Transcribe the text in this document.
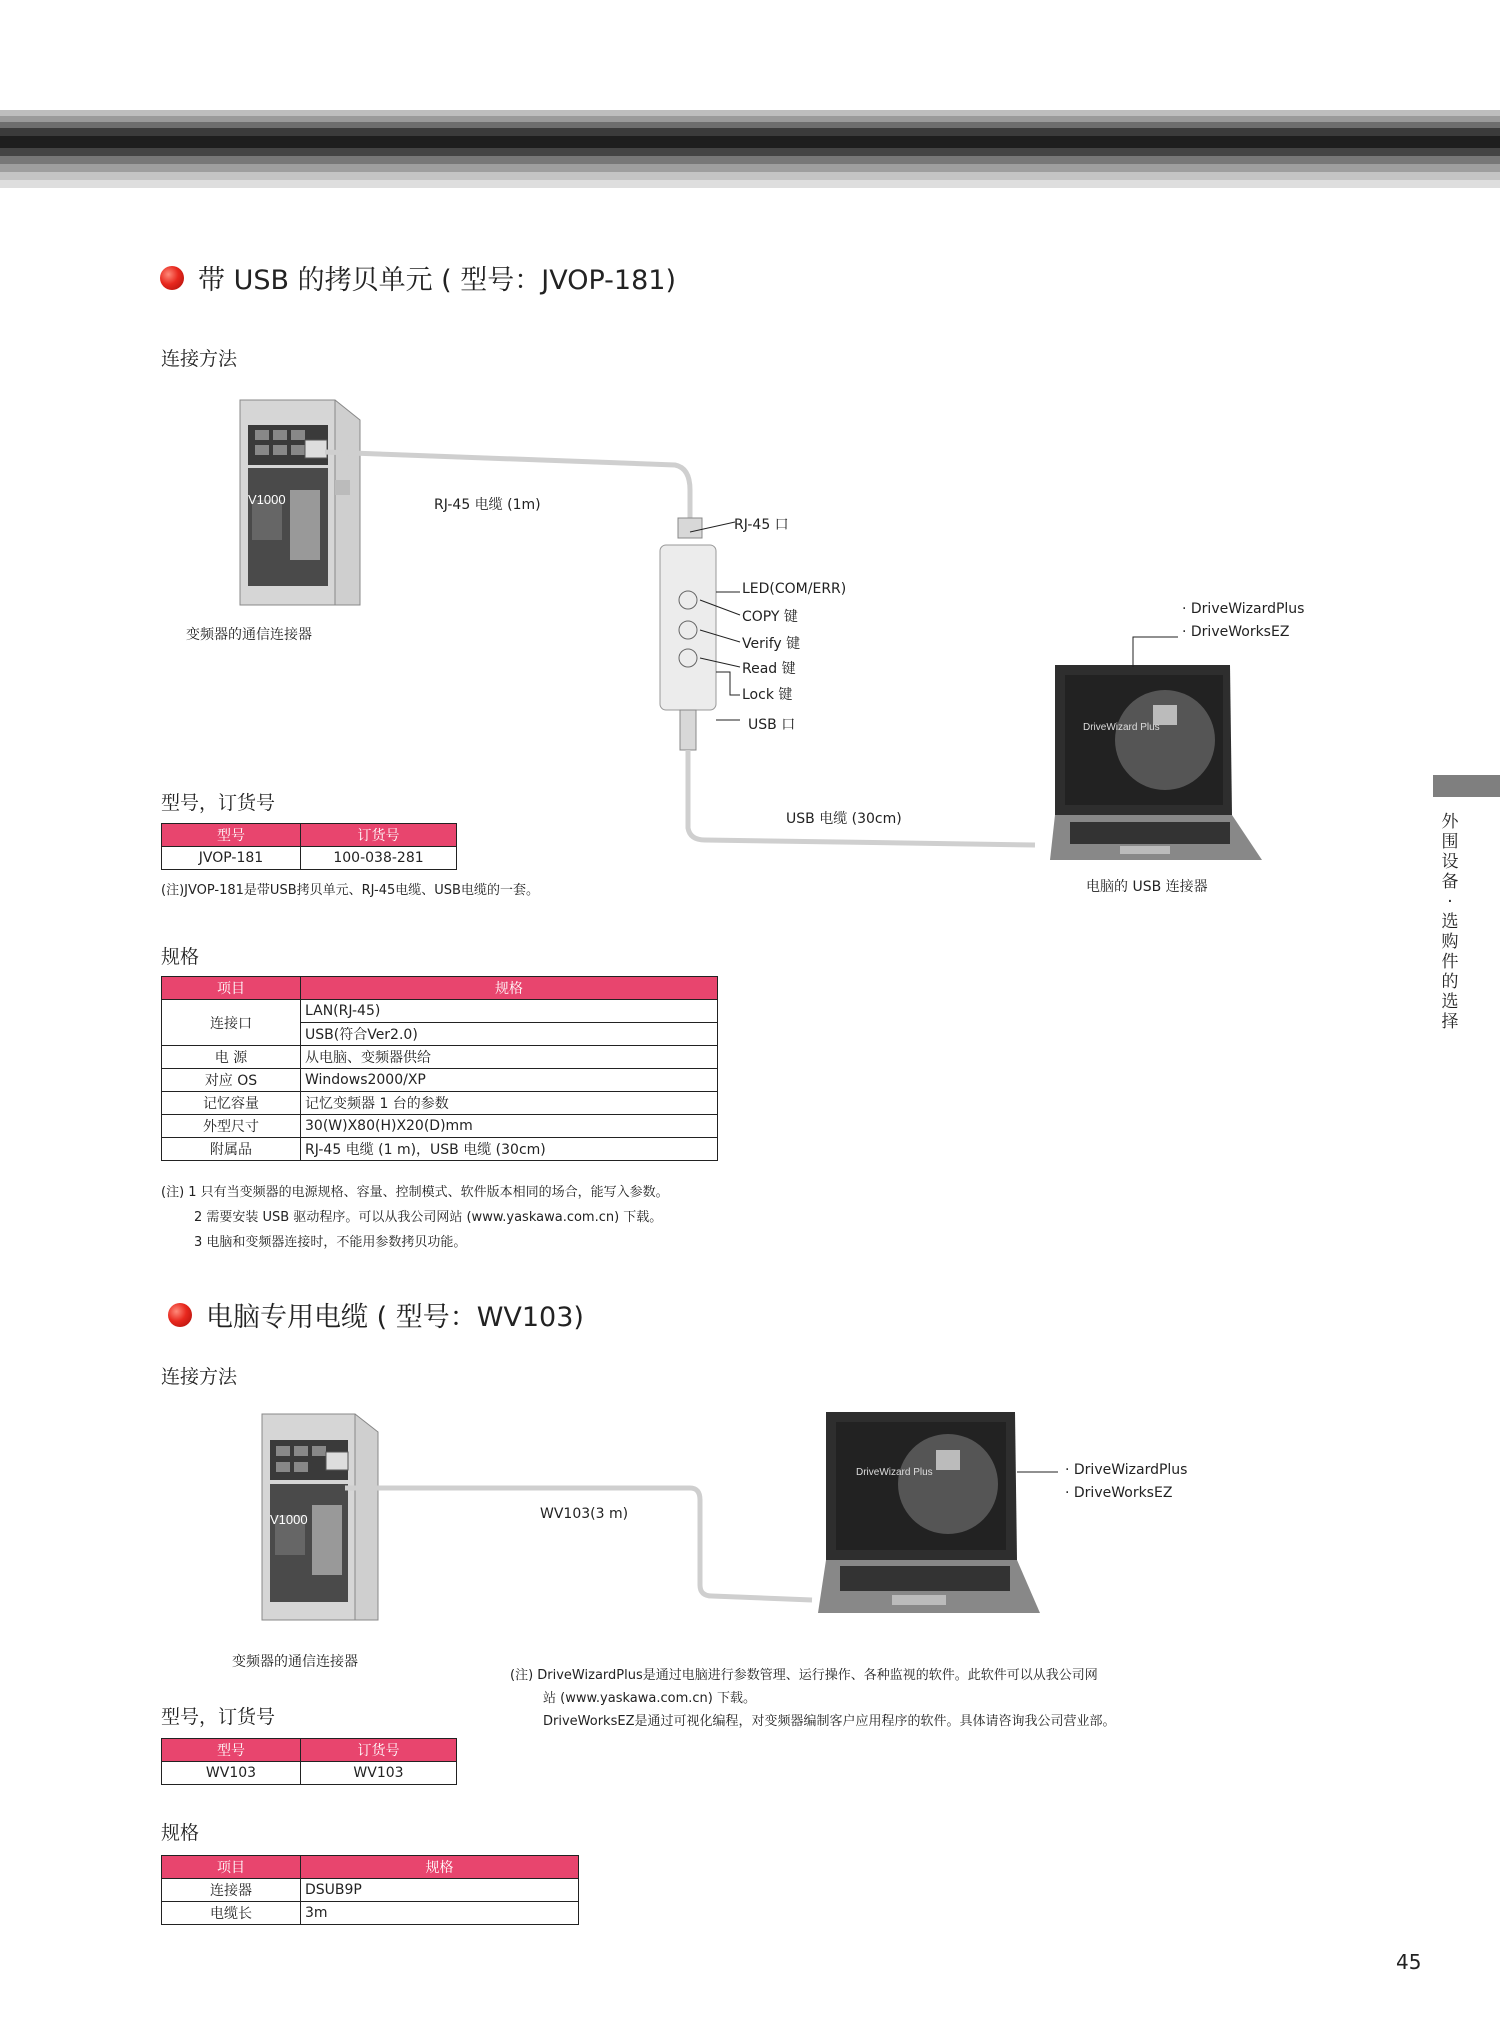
带 USB 的拷贝单元 ( 型号：JVOP-181)
连接方法
V1000
DriveWizard Plus
RJ-45 电缆 (1m)
RJ-45 口
LED(COM/ERR)
COPY 键
Verify 键
Read 键
Lock 键
USB 口
USB 电缆 (30cm)
· DriveWizardPlus
· DriveWorksEZ
变频器的通信连接器
电脑的 USB 连接器
型号，订货号
型号	订货号
JVOP-181	100-038-281
(注)JVOP-181是带USB拷贝单元、RJ-45电缆、USB电缆的一套。
规格
项目	规格
连接口	LAN(RJ-45)
	USB(符合Ver2.0)
电 源	从电脑、变频器供给
对应 OS	Windows2000/XP
记忆容量	记忆变频器 1 台的参数
外型尺寸	30(W)X80(H)X20(D)mm
附属品	RJ-45 电缆 (1 m)，USB 电缆 (30cm)
(注) 1 只有当变频器的电源规格、容量、控制模式、软件版本相同的场合，能写入参数。
2 需要安装 USB 驱动程序。可以从我公司网站 (www.yaskawa.com.cn) 下载。
3 电脑和变频器连接时，不能用参数拷贝功能。
电脑专用电缆 ( 型号：WV103)
连接方法
V1000
DriveWizard Plus
WV103(3 m)
· DriveWizardPlus
· DriveWorksEZ
变频器的通信连接器
(注) DriveWizardPlus是通过电脑进行参数管理、运行操作、各种监视的软件。此软件可以从我公司网
站 (www.yaskawa.com.cn) 下载。
DriveWorksEZ是通过可视化编程，对变频器编制客户应用程序的软件。具体请咨询我公司营业部。
型号，订货号
型号	订货号
WV103	WV103
规格
项目	规格
连接器	DSUB9P
电缆长	3m
外围设备·选购件的选择
45
